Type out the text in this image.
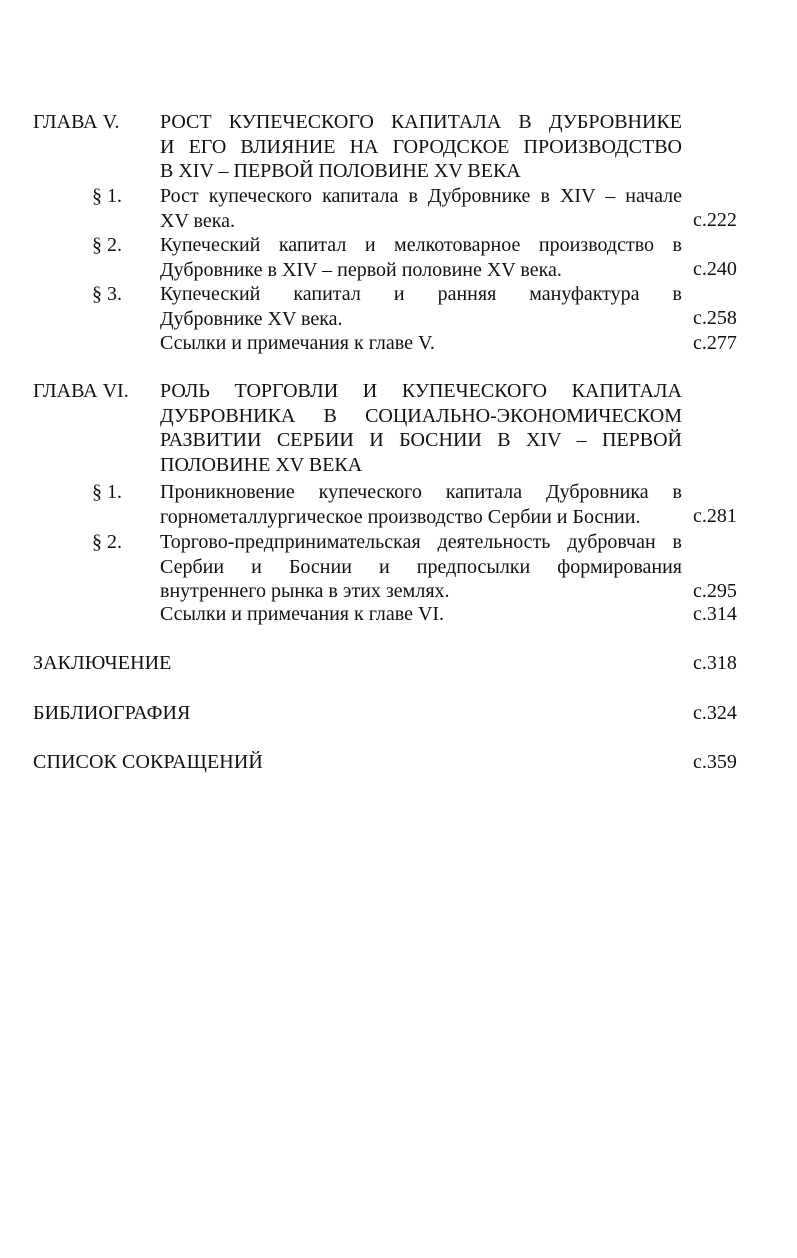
ГЛАВА V. РОСТ КУПЕЧЕСКОГО КАПИТАЛА В ДУБРОВНИКЕ
И ЕГО ВЛИЯНИЕ НА ГОРОДСКОЕ ПРОИЗВОДСТВО
В XIV – ПЕРВОЙ ПОЛОВИНЕ XV ВЕКА
§ 1. Рост купеческого капитала в Дубровнике в XIV – начале
XV века.	с.222
§ 2. Купеческий капитал и мелкотоварное производство в
Дубровнике в XIV – первой половине XV века.	с.240
§ 3. Купеческий капитал и ранняя мануфактура в
Дубровнике XV века.	с.258
Ссылки и примечания к главе V.	с.277
ГЛАВА VI. РОЛЬ ТОРГОВЛИ И КУПЕЧЕСКОГО КАПИТАЛА
ДУБРОВНИКА В СОЦИАЛЬНО-ЭКОНОМИЧЕСКОМ
РАЗВИТИИ СЕРБИИ И БОСНИИ В XIV – ПЕРВОЙ
ПОЛОВИНЕ XV ВЕКА
§ 1. Проникновение купеческого капитала Дубровника в
горнометаллургическое производство Сербии и Боснии.	с.281
§ 2. Торгово-предпринимательская деятельность дубровчан в
Сербии и Боснии и предпосылки формирования
внутреннего рынка в этих землях.	с.295
Ссылки и примечания к главе VI.	с.314
ЗАКЛЮЧЕНИЕ	с.318
БИБЛИОГРАФИЯ	с.324
СПИСОК СОКРАЩЕНИЙ	с.359
